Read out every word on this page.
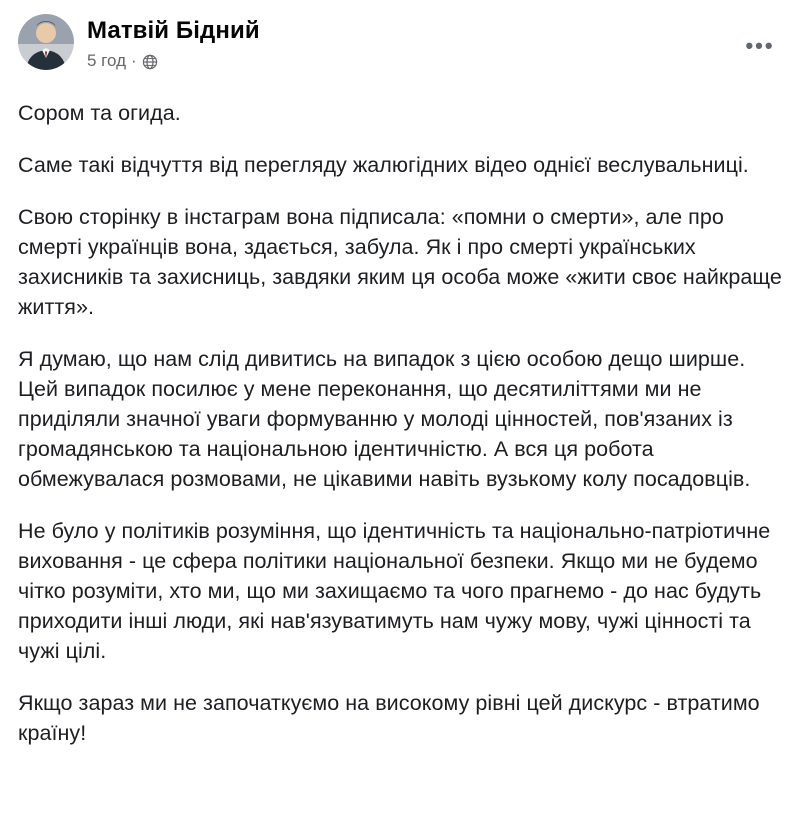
Матвій Бідний
5 год ·
•••

Сором та огида.

Саме такі відчуття від перегляду жалюгідних відео однієї веслувальниці.

Свою сторінку в інстаграм вона підписала: «помни о смерти», але про смерті українців вона, здається, забула. Як і про смерті українських захисників та захисниць, завдяки яким ця особа може «жити своє найкраще життя».

Я думаю, що нам слід дивитись на випадок з цією особою дещо ширше. Цей випадок посилює у мене переконання, що десятиліттями ми не приділяли значної уваги формуванню у молоді цінностей, пов'язаних із громадянською та національною ідентичністю. А вся ця робота обмежувалася розмовами, не цікавими навіть вузькому колу посадовців.

Не було у політиків розуміння, що ідентичність та національно-патріотичне виховання - це сфера політики національної безпеки. Якщо ми не будемо чітко розуміти, хто ми, що ми захищаємо та чого прагнемо - до нас будуть приходити інші люди, які нав'язуватимуть нам чужу мову, чужі цінності та чужі цілі.

Якщо зараз ми не започаткуємо на високому рівні цей дискурс - втратимо країну!
